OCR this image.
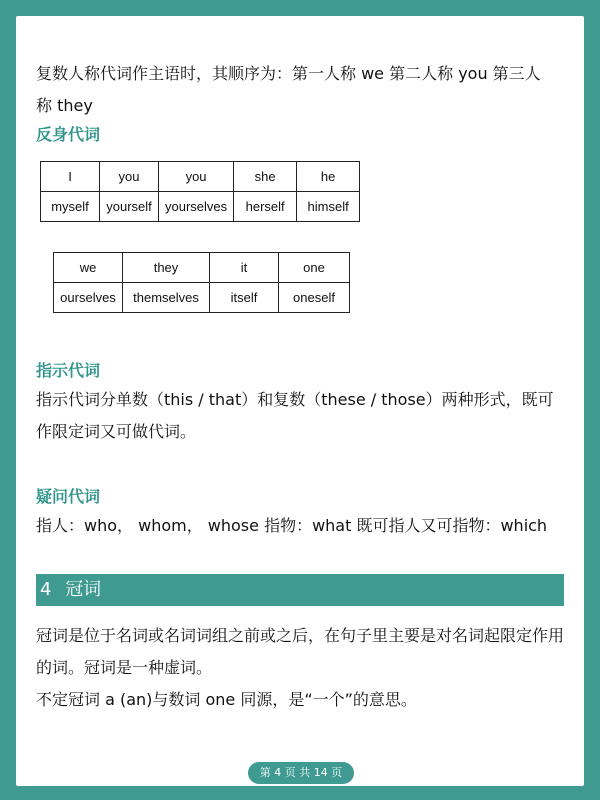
复数人称代词作主语时，其顺序为：第一人称 we 第二人称 you 第三人
称 they
反身代词
I	you	you	she	he
myself	yourself	yourselves	herself	himself
we	they	it	one
ourselves	themselves	itself	oneself
指示代词
指示代词分单数（this / that）和复数（these / those）两种形式，既可
作限定词又可做代词。
疑问代词
指人：who， whom， whose 指物：what 既可指人又可指物：which
4 冠词
冠词是位于名词或名词词组之前或之后，在句子里主要是对名词起限定作用
的词。冠词是一种虚词。
不定冠词 a (an)与数词 one 同源，是“一个”的意思。
第 4 页 共 14 页	知乎 @高中生的万能口袋
